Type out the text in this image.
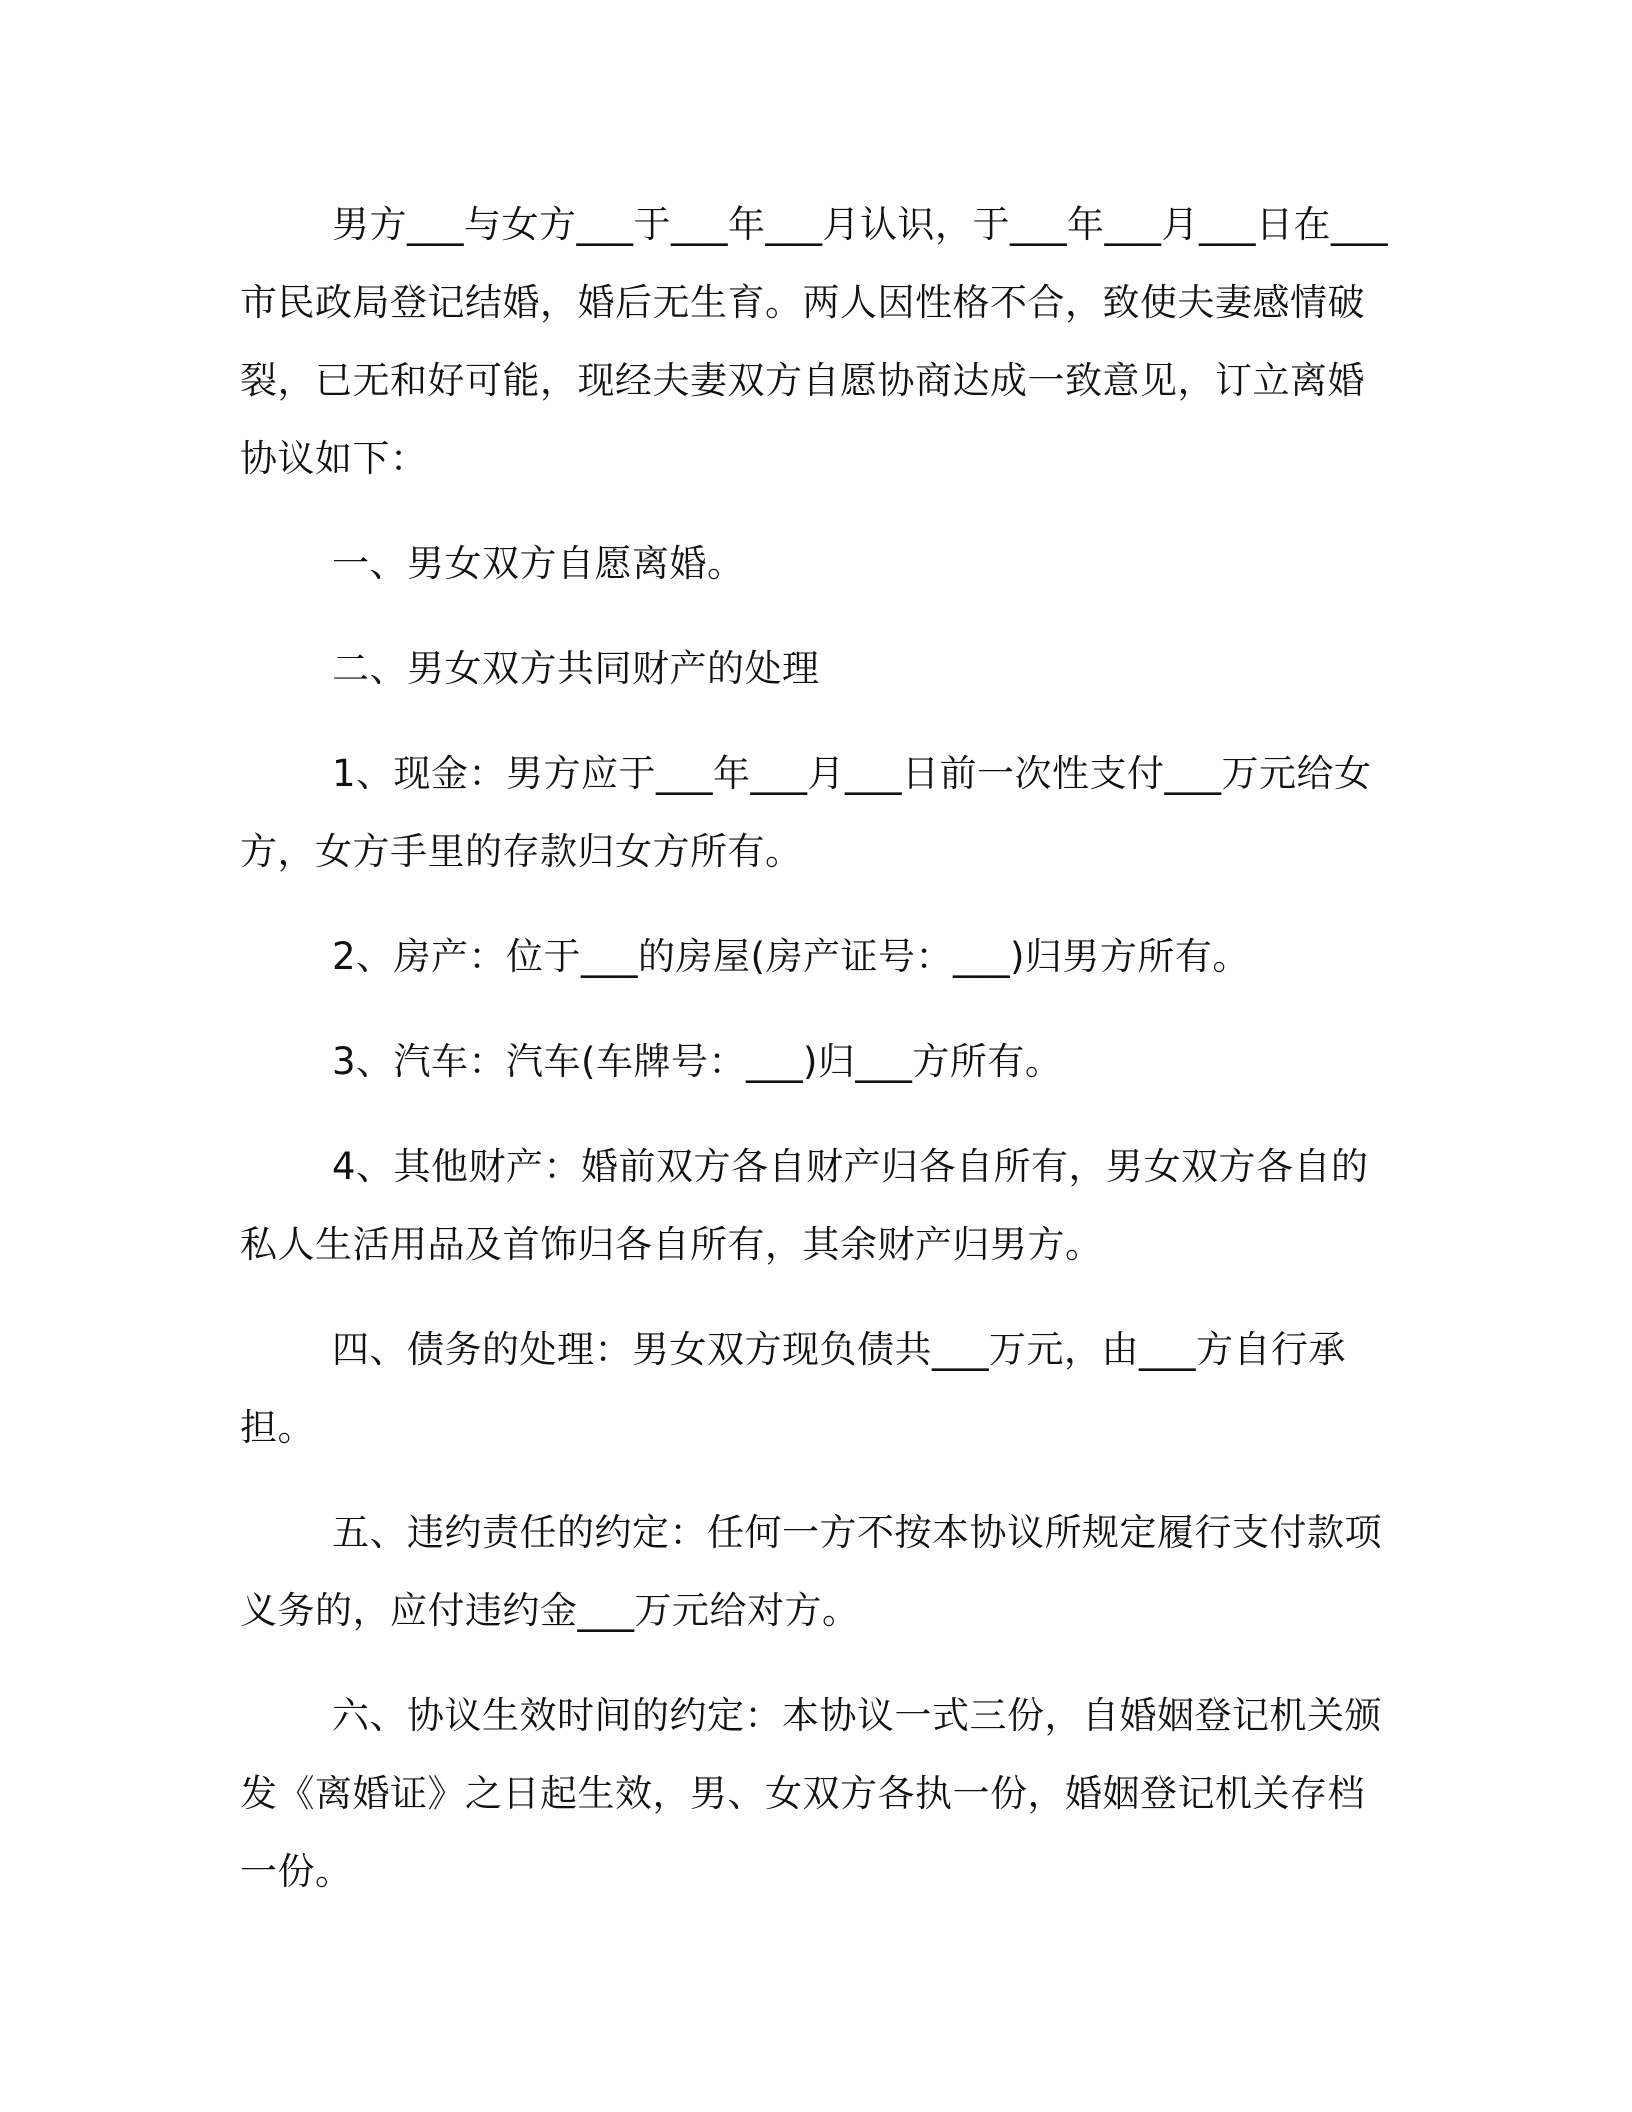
男方___与女方___于___年___月认识，于___年___月___日在___市民政局登记结婚，婚后无生育。两人因性格不合，致使夫妻感情破裂，已无和好可能，现经夫妻双方自愿协商达成一致意见，订立离婚协议如下：

一、男女双方自愿离婚。

二、男女双方共同财产的处理

1、现金：男方应于___年___月___日前一次性支付___万元给女方，女方手里的存款归女方所有。

2、房产：位于___的房屋(房产证号：___)归男方所有。

3、汽车：汽车(车牌号：___)归___方所有。

4、其他财产：婚前双方各自财产归各自所有，男女双方各自的私人生活用品及首饰归各自所有，其余财产归男方。

四、债务的处理：男女双方现负债共___万元，由___方自行承担。

五、违约责任的约定：任何一方不按本协议所规定履行支付款项义务的，应付违约金___万元给对方。

六、协议生效时间的约定：本协议一式三份，自婚姻登记机关颁发《离婚证》之日起生效，男、女双方各执一份，婚姻登记机关存档一份。
